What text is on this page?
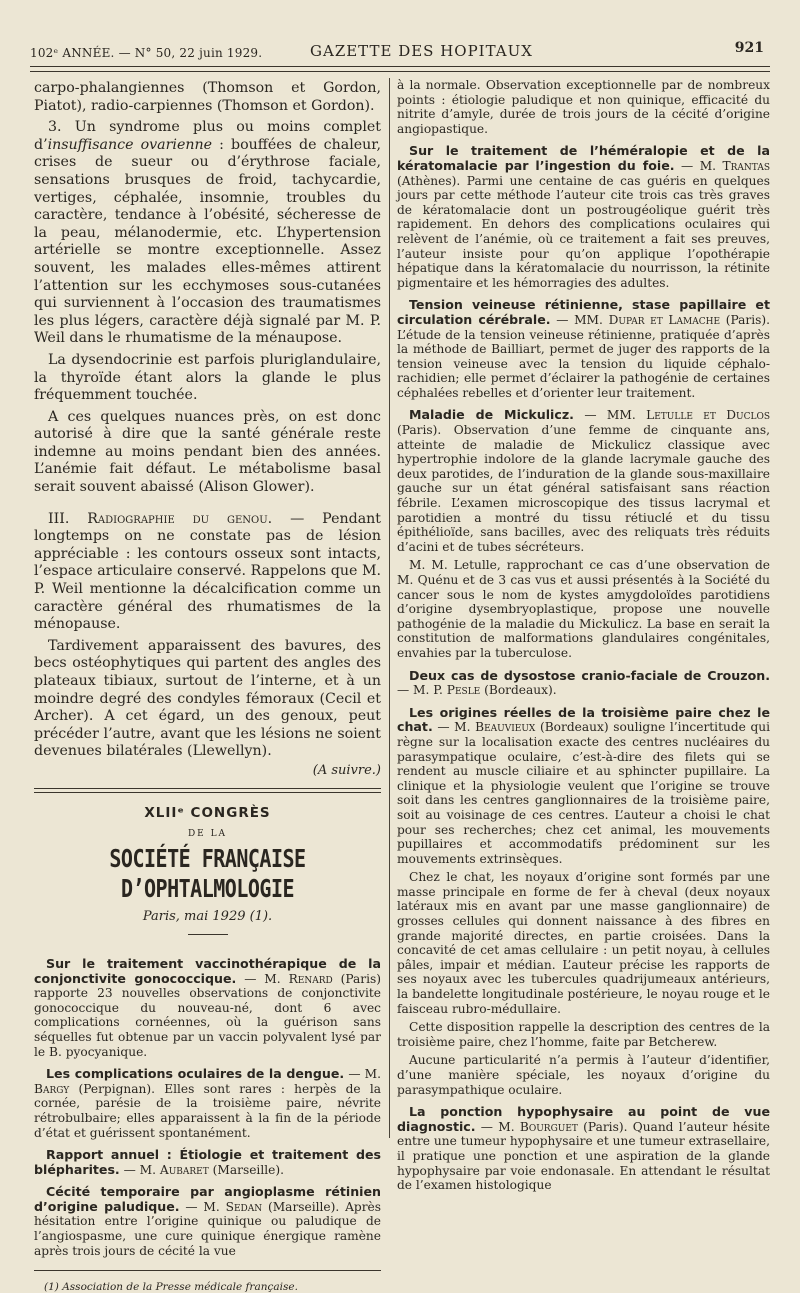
102ᵉ ANNÉE. — N° 50, 22 juin 1929.	GAZETTE DES HOPITAUX	921

carpo-phalangiennes (Thomson et Gordon, Piatot), radio-carpiennes (Thomson et Gordon).

3. Un syndrome plus ou moins complet d’insuffisance ovarienne : bouffées de chaleur, crises de sueur ou d’érythrose faciale, sensations brusques de froid, tachycardie, vertiges, céphalée, insomnie, troubles du caractère, tendance à l’obésité, sécheresse de la peau, mélanodermie, etc. L’hypertension artérielle se montre exceptionnelle. Assez souvent, les malades elles-mêmes attirent l’attention sur les ecchymoses sous-cutanées qui surviennent à l’occasion des traumatismes les plus légers, caractère déjà signalé par M. P. Weil dans le rhumatisme de la ménaupose.

La dysendocrinie est parfois pluriglandulaire, la thyroïde étant alors la glande le plus fréquemment touchée.

A ces quelques nuances près, on est donc autorisé à dire que la santé générale reste indemne au moins pendant bien des années. L’anémie fait défaut. Le métabolisme basal serait souvent abaissé (Alison Glower).

III. Radiographie du genou. — Pendant longtemps on ne constate pas de lésion appréciable : les contours osseux sont intacts, l’espace articulaire conservé. Rappelons que M. P. Weil mentionne la décalcification comme un caractère général des rhumatismes de la ménopause.

Tardivement apparaissent des bavures, des becs ostéophytiques qui partent des angles des plateaux tibiaux, surtout de l’interne, et à un moindre degré des condyles fémoraux (Cecil et Archer). A cet égard, un des genoux, peut précéder l’autre, avant que les lésions ne soient devenues bilatérales (Llewellyn).

(A suivre.)
XLIIᵉ CONGRÈS
DE LA
SOCIÉTÉ FRANÇAISE D’OPHTALMOLOGIE
Paris, mai 1929 (1).

Sur le traitement vaccinothérapique de la conjonctivite gonococcique. — M. Renard (Paris) rapporte 23 nouvelles observations de conjonctivite gonococcique du nouveau-né, dont 6 avec complications cornéennes, où la guérison sans séquelles fut obtenue par un vaccin polyvalent lysé par le B. pyocyanique.

Les complications oculaires de la dengue. — M. Bargy (Perpignan). Elles sont rares : herpès de la cornée, parésie de la troisième paire, névrite rétrobulbaire; elles apparaissent à la fin de la période d’état et guérissent spontanément.

Rapport annuel : Étiologie et traitement des blépharites. — M. Aubaret (Marseille).

Cécité temporaire par angioplasme rétinien d’origine paludique. — M. Sedan (Marseille). Après hésitation entre l’origine quinique ou paludique de l’angiospasme, une cure quinique énergique ramène après trois jours de cécité la vue

(1) Association de la Presse médicale française.

à la normale. Observation exceptionnelle par de nombreux points : étiologie paludique et non quinique, efficacité du nitrite d’amyle, durée de trois jours de la cécité d’origine angiopastique.

Sur le traitement de l’héméralopie et de la kératomalacie par l’ingestion du foie. — M. Trantas (Athènes). Parmi une centaine de cas guéris en quelques jours par cette méthode l’auteur cite trois cas très graves de kératomalacie dont un postrougéolique guérit très rapidement. En dehors des complications oculaires qui relèvent de l’anémie, où ce traitement a fait ses preuves, l’auteur insiste pour qu’on applique l’opothérapie hépatique dans la kératomalacie du nourrisson, la rétinite pigmentaire et les hémorragies des adultes.

Tension veineuse rétinienne, stase papillaire et circulation cérébrale. — MM. Dupar et Lamache (Paris). L’étude de la tension veineuse rétinienne, pratiquée d’après la méthode de Bailliart, permet de juger des rapports de la tension veineuse avec la tension du liquide céphalo-rachidien; elle permet d’éclairer la pathogénie de certaines céphalées rebelles et d’orienter leur traitement.

Maladie de Mickulicz. — MM. Letulle et Duclos (Paris). Observation d’une femme de cinquante ans, atteinte de maladie de Mickulicz classique avec hypertrophie indolore de la glande lacrymale gauche des deux parotides, de l’induration de la glande sous-maxillaire gauche sur un état général satisfaisant sans réaction fébrile. L’examen microscopique des tissus lacrymal et parotidien a montré du tissu rétiuclé et du tissu épithélioïde, sans bacilles, avec des reliquats très réduits d’acini et de tubes sécréteurs.

M. M. Letulle, rapprochant ce cas d’une observation de M. Quénu et de 3 cas vus et aussi présentés à la Société du cancer sous le nom de kystes amygdoloïdes parotidiens d’origine dysembryoplastique, propose une nouvelle pathogénie de la maladie du Mickulicz. La base en serait la constitution de malformations glandulaires congénitales, envahies par la tuberculose.

Deux cas de dysostose cranio-faciale de Crouzon. — M. P. Pesle (Bordeaux).

Les origines réelles de la troisième paire chez le chat. — M. Beauvieux (Bordeaux) souligne l’incertitude qui règne sur la localisation exacte des centres nucléaires du parasympatique oculaire, c’est-à-dire des filets qui se rendent au muscle ciliaire et au sphincter pupillaire. La clinique et la physiologie veulent que l’origine se trouve soit dans les centres ganglionnaires de la troisième paire, soit au voisinage de ces centres. L’auteur a choisi le chat pour ses recherches; chez cet animal, les mouvements pupillaires et accommodatifs prédominent sur les mouvements extrinsèques.

Chez le chat, les noyaux d’origine sont formés par une masse principale en forme de fer à cheval (deux noyaux latéraux mis en avant par une masse ganglionnaire) de grosses cellules qui donnent naissance à des fibres en grande majorité directes, en partie croisées. Dans la concavité de cet amas cellulaire : un petit noyau, à cellules pâles, impair et médian. L’auteur précise les rapports de ses noyaux avec les tubercules quadrijumeaux antérieurs, la bandelette longitudinale postérieure, le noyau rouge et le faisceau rubro-médullaire.

Cette disposition rappelle la description des centres de la troisième paire, chez l’homme, faite par Betcherew.

Aucune particularité n’a permis à l’auteur d’identifier, d’une manière spéciale, les noyaux d’origine du parasympathique oculaire.

La ponction hypophysaire au point de vue diagnostic. — M. Bourguet (Paris). Quand l’auteur hésite entre une tumeur hypophysaire et une tumeur extrasellaire, il pratique une ponction et une aspiration de la glande hypophysaire par voie endonasale. En attendant le résultat de l’examen histologique
